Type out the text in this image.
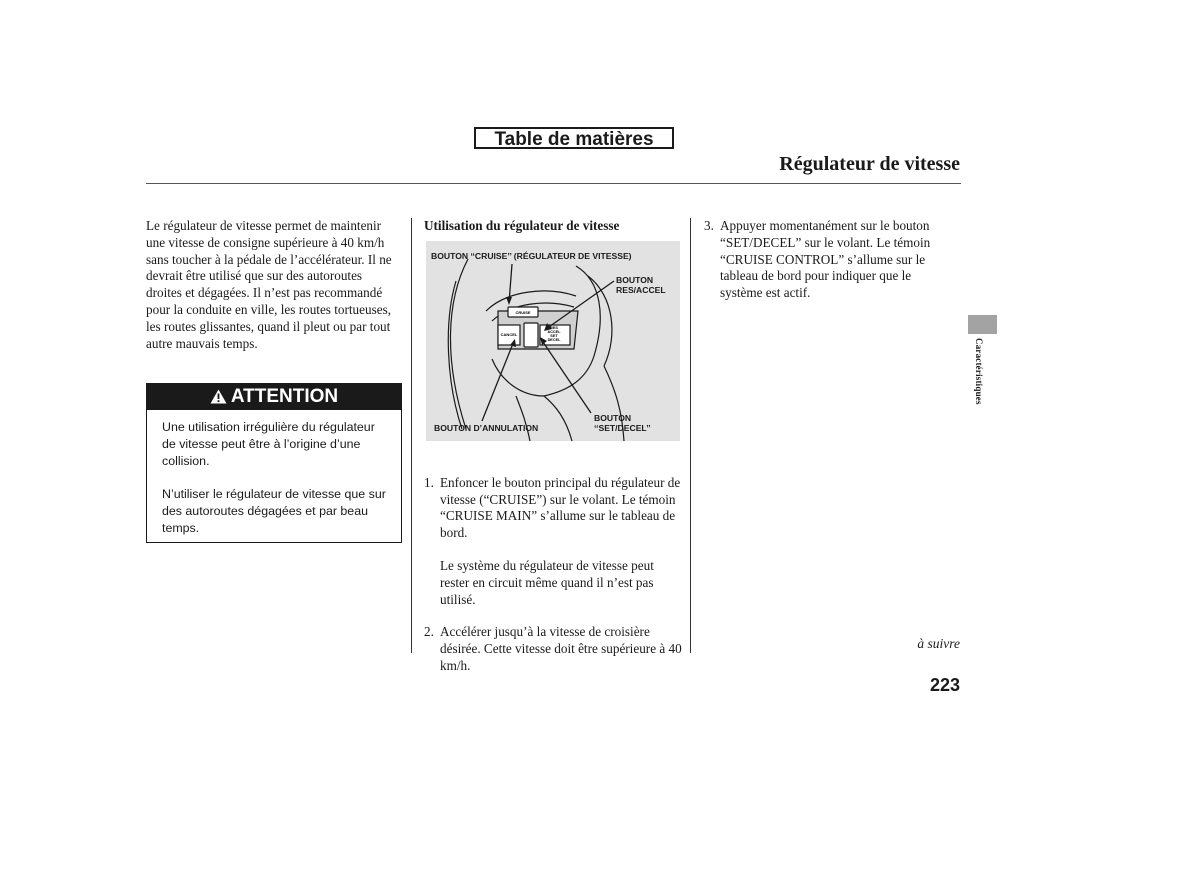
Table de matières
Régulateur de vitesse

Le régulateur de vitesse permet de maintenir une vitesse de consigne supérieure à 40 km/h sans toucher à la pédale de l’accélérateur. Il ne devrait être utilisé que sur des autoroutes droites et dégagées. Il n’est pas recommandé pour la conduite en ville, les routes tortueuses, les routes glissantes, quand il pleut ou par tout autre mauvais temps.

ATTENTION

Une utilisation irrégulière du régulateur de vitesse peut être à l’origine d’une collision.

N’utiliser le régulateur de vitesse que sur des autoroutes dégagées et par beau temps.

Utilisation du régulateur de vitesse

1. Enfoncer le bouton principal du régulateur de vitesse (“CRUISE”) sur le volant. Le témoin “CRUISE MAIN” s’allume sur le tableau de bord.
Le système du régulateur de vitesse peut rester en circuit même quand il n’est pas utilisé.
2. Accélérer jusqu’à la vitesse de croisière désirée. Cette vitesse doit être supérieure à 40 km/h.
CRUISE
CANCEL
RES
ACCEL
SET
DECEL
BOUTON ‘‘CRUISE’’ (RÉGULATEUR DE VITESSE)
BOUTON
RES/ACCEL
BOUTON
‘‘SET/DECEL’’
BOUTON D’ANNULATION
3. Appuyer momentanément sur le bouton “SET/DECEL” sur le volant. Le témoin “CRUISE CONTROL” s’allume sur le tableau de bord pour indiquer que le système est actif.
Caractéristiques
à suivre
223
